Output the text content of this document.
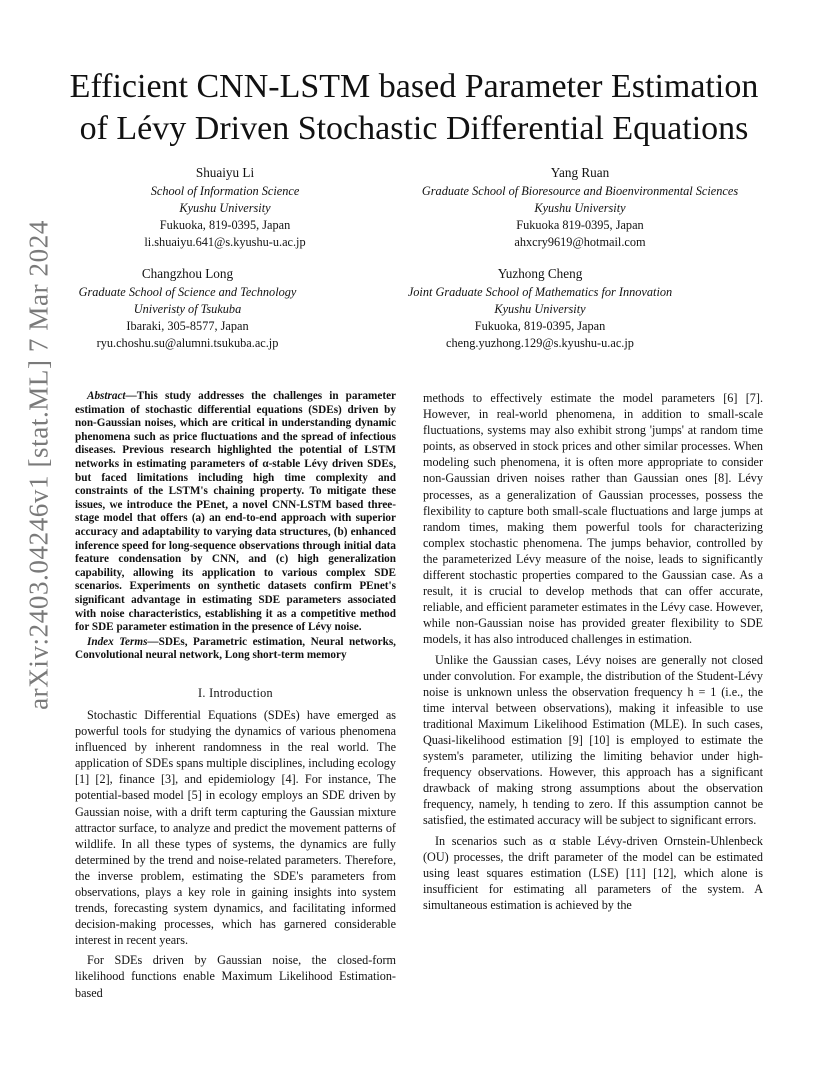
arXiv:2403.04246v1 [stat.ML] 7 Mar 2024
Efficient CNN-LSTM based Parameter Estimation
of Lévy Driven Stochastic Differential Equations
Shuaiyu Li
School of Information Science
Kyushu University
Fukuoka, 819-0395, Japan
li.shuaiyu.641@s.kyushu-u.ac.jp
Yang Ruan
Graduate School of Bioresource and Bioenvironmental Sciences
Kyushu University
Fukuoka 819-0395, Japan
ahxcry9619@hotmail.com
Changzhou Long
Graduate School of Science and Technology
Univeristy of Tsukuba
Ibaraki, 305-8577, Japan
ryu.choshu.su@alumni.tsukuba.ac.jp
Yuzhong Cheng
Joint Graduate School of Mathematics for Innovation
Kyushu University
Fukuoka, 819-0395, Japan
cheng.yuzhong.129@s.kyushu-u.ac.jp

Abstract—This study addresses the challenges in parameter estimation of stochastic differential equations (SDEs) driven by non-Gaussian noises, which are critical in understanding dynamic phenomena such as price fluctuations and the spread of infectious diseases. Previous research highlighted the potential of LSTM networks in estimating parameters of α-stable Lévy driven SDEs, but faced limitations including high time complexity and constraints of the LSTM's chaining property. To mitigate these issues, we introduce the PEnet, a novel CNN-LSTM based three-stage model that offers (a) an end-to-end approach with superior accuracy and adaptability to varying data structures, (b) enhanced inference speed for long-sequence observations through initial data feature condensation by CNN, and (c) high generalization capability, allowing its application to various complex SDE scenarios. Experiments on synthetic datasets confirm PEnet's significant advantage in estimating SDE parameters associated with noise characteristics, establishing it as a competitive method for SDE parameter estimation in the presence of Lévy noise.

Index Terms—SDEs, Parametric estimation, Neural networks, Convolutional neural network, Long short-term memory

I. Introduction

Stochastic Differential Equations (SDEs) have emerged as powerful tools for studying the dynamics of various phenomena influenced by inherent randomness in the real world. The application of SDEs spans multiple disciplines, including ecology [1] [2], finance [3], and epidemiology [4]. For instance, The potential-based model [5] in ecology employs an SDE driven by Gaussian noise, with a drift term capturing the Gaussian mixture attractor surface, to analyze and predict the movement patterns of wildlife. In all these types of systems, the dynamics are fully determined by the trend and noise-related parameters. Therefore, the inverse problem, estimating the SDE's parameters from observations, plays a key role in gaining insights into system trends, forecasting system dynamics, and facilitating informed decision-making processes, which has garnered considerable interest in recent years.

For SDEs driven by Gaussian noise, the closed-form likelihood functions enable Maximum Likelihood Estimation-based

methods to effectively estimate the model parameters [6] [7]. However, in real-world phenomena, in addition to small-scale fluctuations, systems may also exhibit strong 'jumps' at random time points, as observed in stock prices and other similar processes. When modeling such phenomena, it is often more appropriate to consider non-Gaussian driven noises rather than Gaussian ones [8]. Lévy processes, as a generalization of Gaussian processes, possess the flexibility to capture both small-scale fluctuations and large jumps at random times, making them powerful tools for characterizing complex stochastic phenomena. The jumps behavior, controlled by the parameterized Lévy measure of the noise, leads to significantly different stochastic properties compared to the Gaussian case. As a result, it is crucial to develop methods that can offer accurate, reliable, and efficient parameter estimates in the Lévy case. However, while non-Gaussian noise has provided greater flexibility to SDE models, it has also introduced challenges in estimation.

Unlike the Gaussian cases, Lévy noises are generally not closed under convolution. For example, the distribution of the Student-Lévy noise is unknown unless the observation frequency h = 1 (i.e., the time interval between observations), making it infeasible to use traditional Maximum Likelihood Estimation (MLE). In such cases, Quasi-likelihood estimation [9] [10] is employed to estimate the system's parameter, utilizing the limiting behavior under high-frequency observations. However, this approach has a significant drawback of making strong assumptions about the observation frequency, namely, h tending to zero. If this assumption cannot be satisfied, the estimated accuracy will be subject to significant errors.

In scenarios such as α stable Lévy-driven Ornstein-Uhlenbeck (OU) processes, the drift parameter of the model can be estimated using least squares estimation (LSE) [11] [12], which alone is insufficient for estimating all parameters of the system. A simultaneous estimation is achieved by the
